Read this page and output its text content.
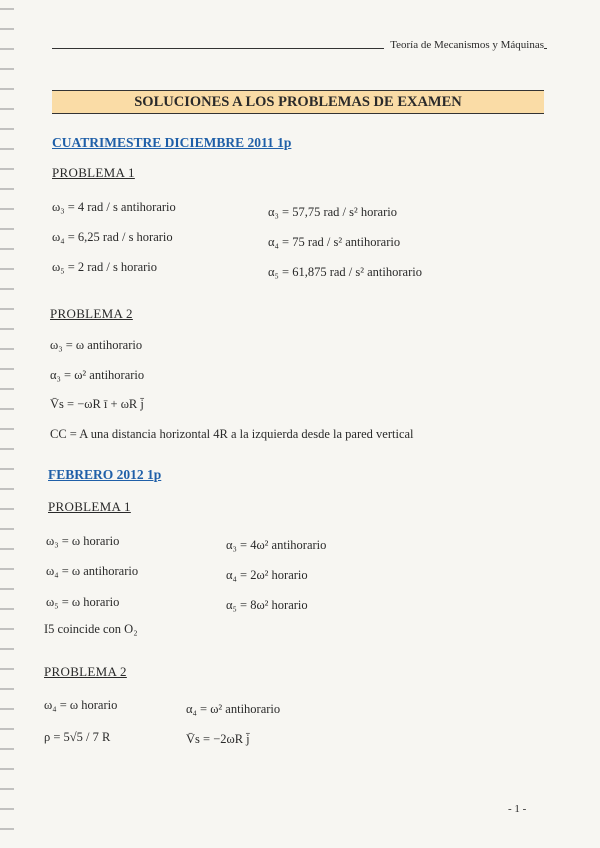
Teoría de Mecanismos y Máquinas
SOLUCIONES A LOS PROBLEMAS DE EXAMEN
CUATRIMESTRE DICIEMBRE 2011 1p
PROBLEMA 1
ω₃ = 4 rad / s antihorario
ω₄ = 6,25 rad / s horario
ω₅ = 2 rad / s horario
α₃ = 57,75 rad / s² horario
α₄ = 75 rad / s² antihorario
α₅ = 61,875 rad / s² antihorario
PROBLEMA 2
ω₃ = ω antihorario
α₃ = ω² antihorario
V̄s = −ωR ī + ωR j̄
CC = A una distancia horizontal 4R a la izquierda desde la pared vertical
FEBRERO 2012 1p
PROBLEMA 1
ω₃ = ω horario
ω₄ = ω antihorario
ω₅ = ω horario
α₃ = 4ω² antihorario
α₄ = 2ω² horario
α₅ = 8ω² horario
I5 coincide con O₂
PROBLEMA 2
ω₄ = ω horario
ρ = 5√5 / 7 R
α₄ = ω² antihorario
V̄s = −2ωR j̄
- 1 -
